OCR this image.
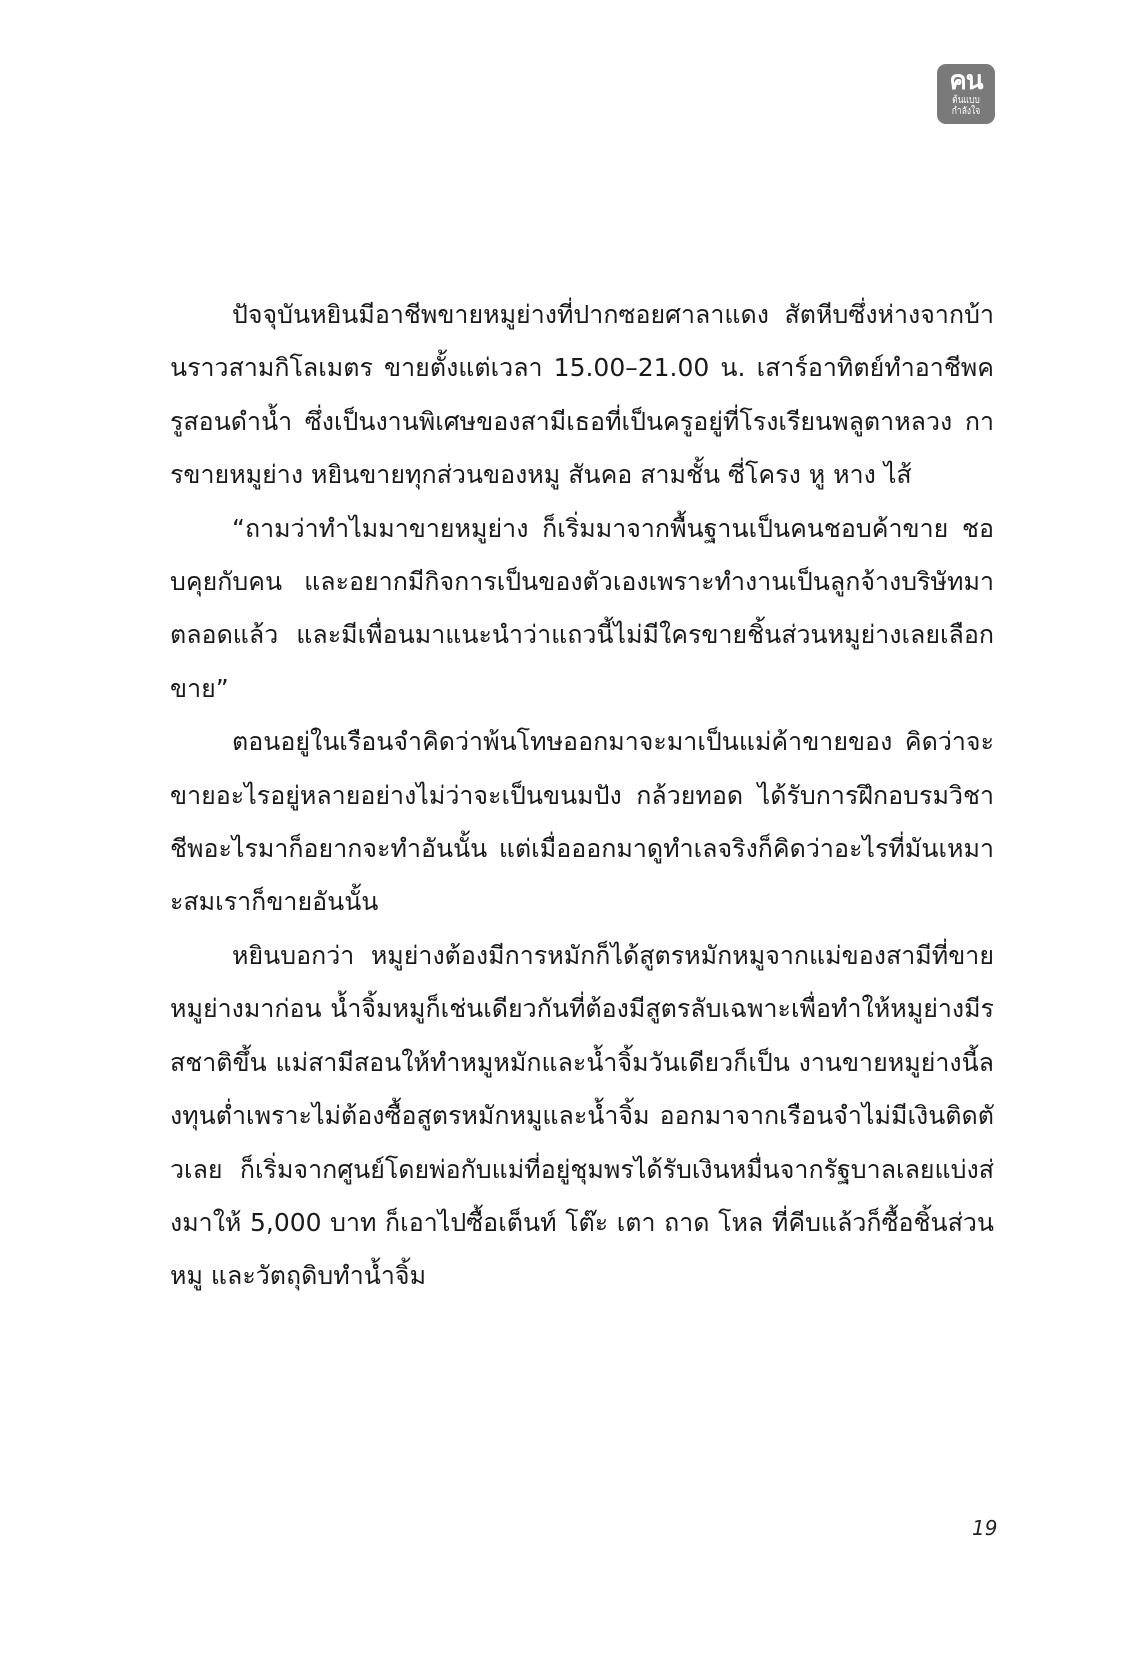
คน
ต้นแบบ
กำลังใจ

ปัจจุบันหยินมีอาชีพขายหมูย่างที่ปากซอยศาลาแดง สัตหีบซึ่งห่างจากบ้านราวสามกิโลเมตร ขายตั้งแต่เวลา 15.00–21.00 น. เสาร์อาทิตย์ทำอาชีพครูสอนดำน้ำ ซึ่งเป็นงานพิเศษของสามีเธอที่เป็นครูอยู่ที่โรงเรียนพลูตาหลวง การขายหมูย่าง หยินขายทุกส่วนของหมู สันคอ สามชั้น ซี่โครง หู หาง ไส้

“ถามว่าทำไมมาขายหมูย่าง ก็เริ่มมาจากพื้นฐานเป็นคนชอบค้าขาย ชอบคุยกับคน และอยากมีกิจการเป็นของตัวเองเพราะทำงานเป็นลูกจ้างบริษัทมาตลอดแล้ว และมีเพื่อนมาแนะนำว่าแถวนี้ไม่มีใครขายชิ้นส่วนหมูย่างเลยเลือกขาย”

ตอนอยู่ในเรือนจำคิดว่าพ้นโทษออกมาจะมาเป็นแม่ค้าขายของ คิดว่าจะขายอะไรอยู่หลายอย่างไม่ว่าจะเป็นขนมปัง กล้วยทอด ได้รับการฝึกอบรมวิชาชีพอะไรมาก็อยากจะทำอันนั้น แต่เมื่อออกมาดูทำเลจริงก็คิดว่าอะไรที่มันเหมาะสมเราก็ขายอันนั้น

หยินบอกว่า หมูย่างต้องมีการหมักก็ได้สูตรหมักหมูจากแม่ของสามีที่ขายหมูย่างมาก่อน น้ำจิ้มหมูก็เช่นเดียวกันที่ต้องมีสูตรลับเฉพาะเพื่อทำให้หมูย่างมีรสชาติขึ้น แม่สามีสอนให้ทำหมูหมักและน้ำจิ้มวันเดียวก็เป็น งานขายหมูย่างนี้ลงทุนต่ำเพราะไม่ต้องซื้อสูตรหมักหมูและน้ำจิ้ม ออกมาจากเรือนจำไม่มีเงินติดตัวเลย ก็เริ่มจากศูนย์โดยพ่อกับแม่ที่อยู่ชุมพรได้รับเงินหมื่นจากรัฐบาลเลยแบ่งส่งมาให้ 5,000 บาท ก็เอาไปซื้อเต็นท์ โต๊ะ เตา ถาด โหล ที่คีบแล้วก็ซื้อชิ้นส่วนหมู และวัตถุดิบทำน้ำจิ้ม

19
